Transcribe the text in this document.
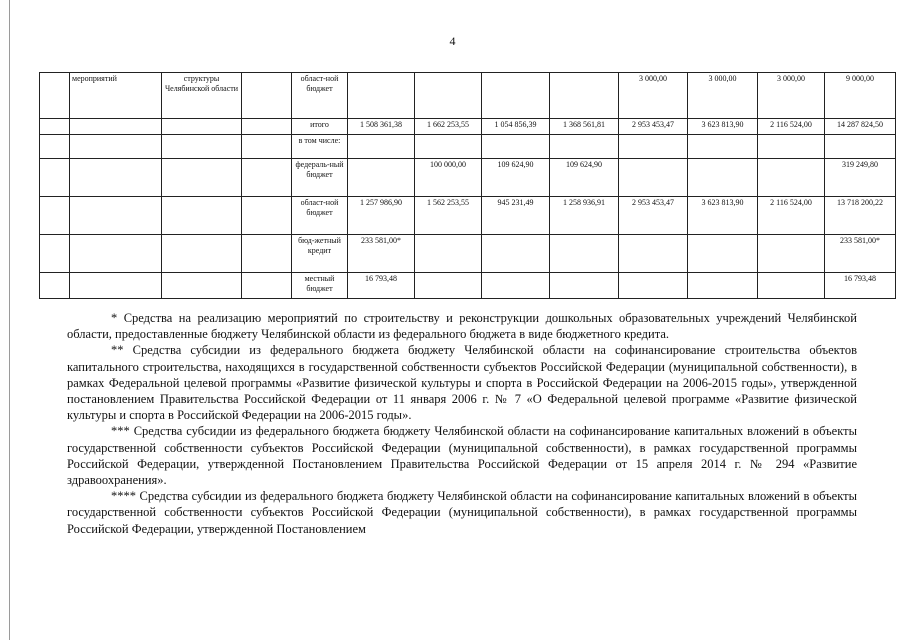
4
	мероприятий	структуры Челябинской области		област-ной бюджет					3 000,00	3 000,00	3 000,00	9 000,00
				итого	1 508 361,38	1 662 253,55	1 054 856,39	1 368 561,81	2 953 453,47	3 623 813,90	2 116 524,00	14 287 824,50
				в том числе:								
				федераль-ный бюджет		100 000,00	109 624,90	109 624,90				319 249,80
				област-ной бюджет	1 257 986,90	1 562 253,55	945 231,49	1 258 936,91	2 953 453,47	3 623 813,90	2 116 524,00	13 718 200,22
				бюд-жетный кредит	233 581,00*							233 581,00*
				местный бюджет	16 793,48							16 793,48

* Средства на реализацию мероприятий по строительству и реконструкции дошкольных образовательных учреждений Челябинской области, предоставленные бюджету Челябинской области из федерального бюджета в виде бюджетного кредита.

** Средства субсидии из федерального бюджета бюджету Челябинской области на софинансирование строительства объектов капитального строительства, находящихся в государственной собственности субъектов Российской Федерации (муниципальной собственности), в рамках Федеральной целевой программы «Развитие физической культуры и спорта в Российской Федерации на 2006-2015 годы», утвержденной постановлением Правительства Российской Федерации от 11 января 2006 г. № 7 «О Федеральной целевой программе «Развитие физической культуры и спорта в Российской Федерации на 2006-2015 годы».

*** Средства субсидии из федерального бюджета бюджету Челябинской области на софинансирование капитальных вложений в объекты государственной собственности субъектов Российской Федерации (муниципальной собственности), в рамках государственной программы Российской Федерации, утвержденной Постановлением Правительства Российской Федерации от 15 апреля 2014 г. № 294 «Развитие здравоохранения».

**** Средства субсидии из федерального бюджета бюджету Челябинской области на софинансирование капитальных вложений в объекты государственной собственности субъектов Российской Федерации (муниципальной собственности), в рамках государственной программы Российской Федерации, утвержденной Постановлением
